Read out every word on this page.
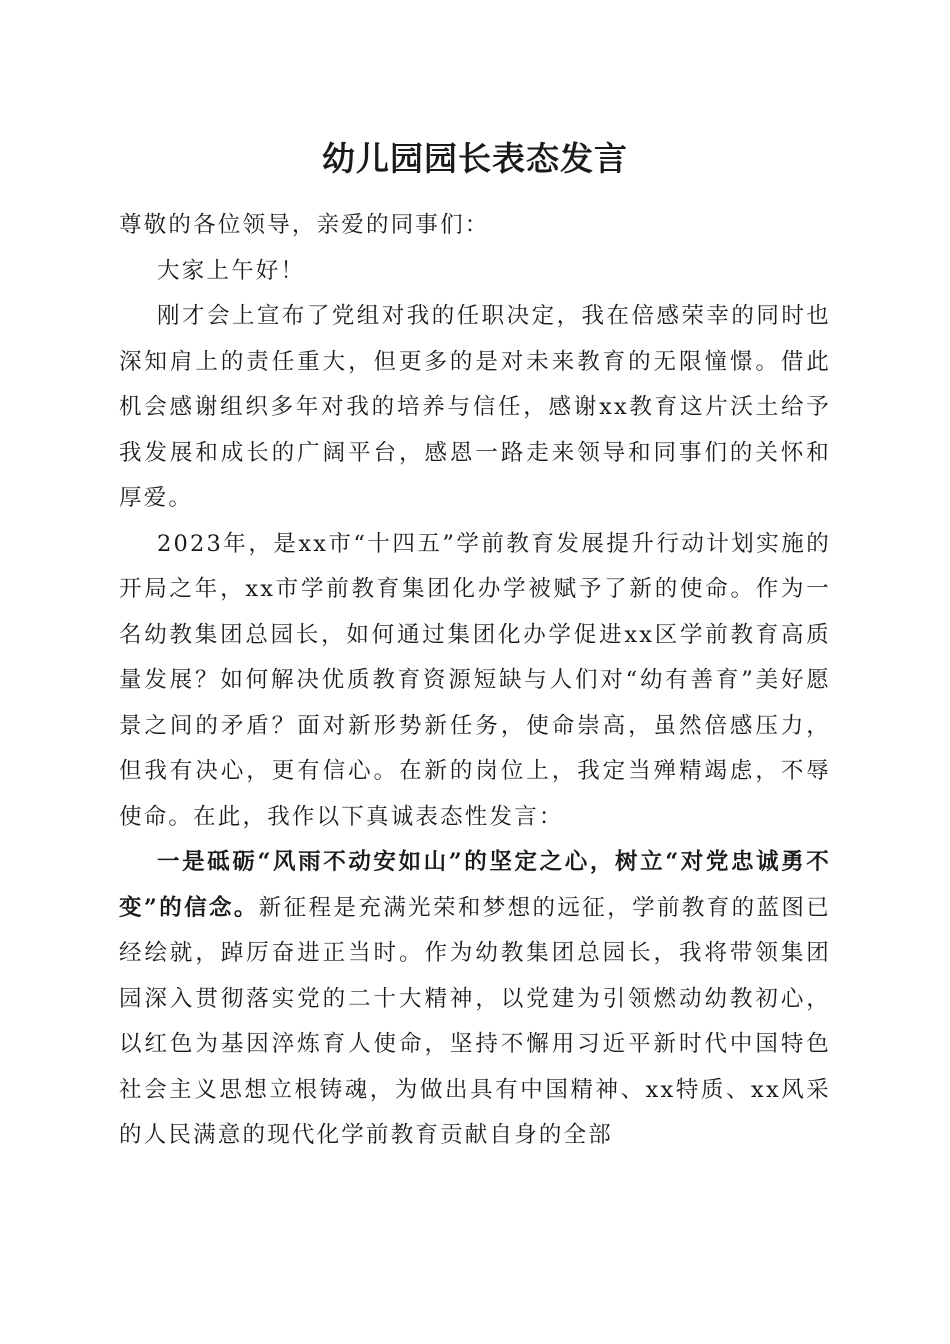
幼儿园园长表态发言

尊敬的各位领导，亲爱的同事们：

大家上午好！

刚才会上宣布了党组对我的任职决定，我在倍感荣幸的同时也深知肩上的责任重大，但更多的是对未来教育的无限憧憬。借此机会感谢组织多年对我的培养与信任，感谢xx教育这片沃土给予我发展和成长的广阔平台，感恩一路走来领导和同事们的关怀和厚爱。

2023年，是xx市“十四五”学前教育发展提升行动计划实施的开局之年，xx市学前教育集团化办学被赋予了新的使命。作为一名幼教集团总园长，如何通过集团化办学促进xx区学前教育高质量发展？如何解决优质教育资源短缺与人们对“幼有善育”美好愿景之间的矛盾？面对新形势新任务，使命崇高，虽然倍感压力，但我有决心，更有信心。在新的岗位上，我定当殚精竭虑，不辱使命。在此，我作以下真诚表态性发言：

一是砥砺“风雨不动安如山”的坚定之心，树立“对党忠诚勇不变”的信念。新征程是充满光荣和梦想的远征，学前教育的蓝图已经绘就，踔厉奋进正当时。作为幼教集团总园长，我将带领集团园深入贯彻落实党的二十大精神，以党建为引领燃动幼教初心，以红色为基因淬炼育人使命，坚持不懈用习近平新时代中国特色社会主义思想立根铸魂，为做出具有中国精神、xx特质、xx风采的人民满意的现代化学前教育贡献自身的全部
